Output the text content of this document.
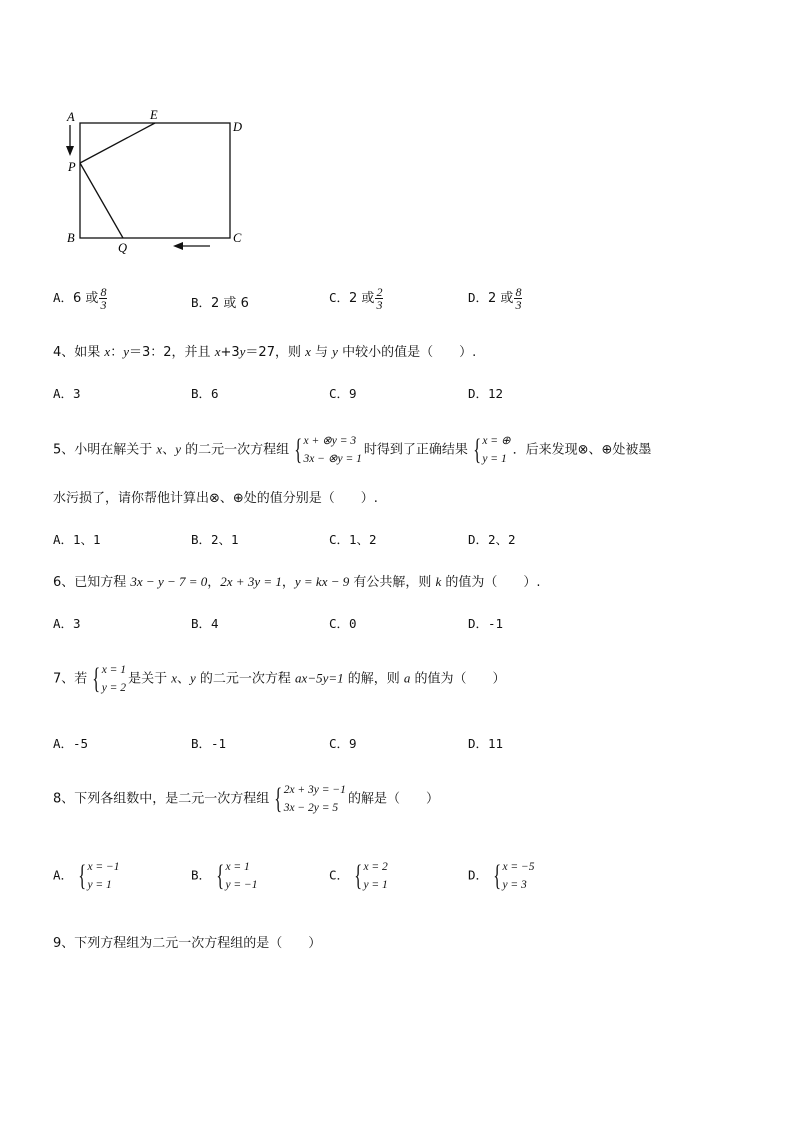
A	E
D
P
B
Q
C
A．6 或 $\frac{8}{3}$	B．2 或 6	C．2 或 $\frac{2}{3}$	D．2 或 $\frac{8}{3}$
4、如果 x：y＝3：2，并且 x+3y＝27，则 x 与 y 中较小的值是（　　）.
A．3	B．6	C．9	D．12
5、小明在解关于 x、y 的二元一次方程组 { x + ⊗y = 3
3x − ⊗y = 1
时得到了正确结果 { x = ⊕
y = 1
．后来发现⊗、⊕处被墨
水污损了，请你帮他计算出⊗、⊕处的值分别是（　　）.
A．1、1	B．2、1	C．1、2	D．2、2
6、已知方程 3x − y − 7 = 0，2x + 3y = 1，y = kx − 9 有公共解，则 k 的值为（　　）.
A．3	B．4	C．0	D．-1
7、若 { x = 1
y = 2
是关于 x、y 的二元一次方程 ax−5y=1 的解，则 a 的值为（　　）
A．-5	B．-1	C．9	D．11
8、下列各组数中，是二元一次方程组 { 2x + 3y = −1
3x − 2y = 5
的解是（　　）
A． { x = −1
y = 1
B． { x = 1
y = −1
C． { x = 2
y = 1
D． { x = −5
y = 3
9、下列方程组为二元一次方程组的是（　　）
